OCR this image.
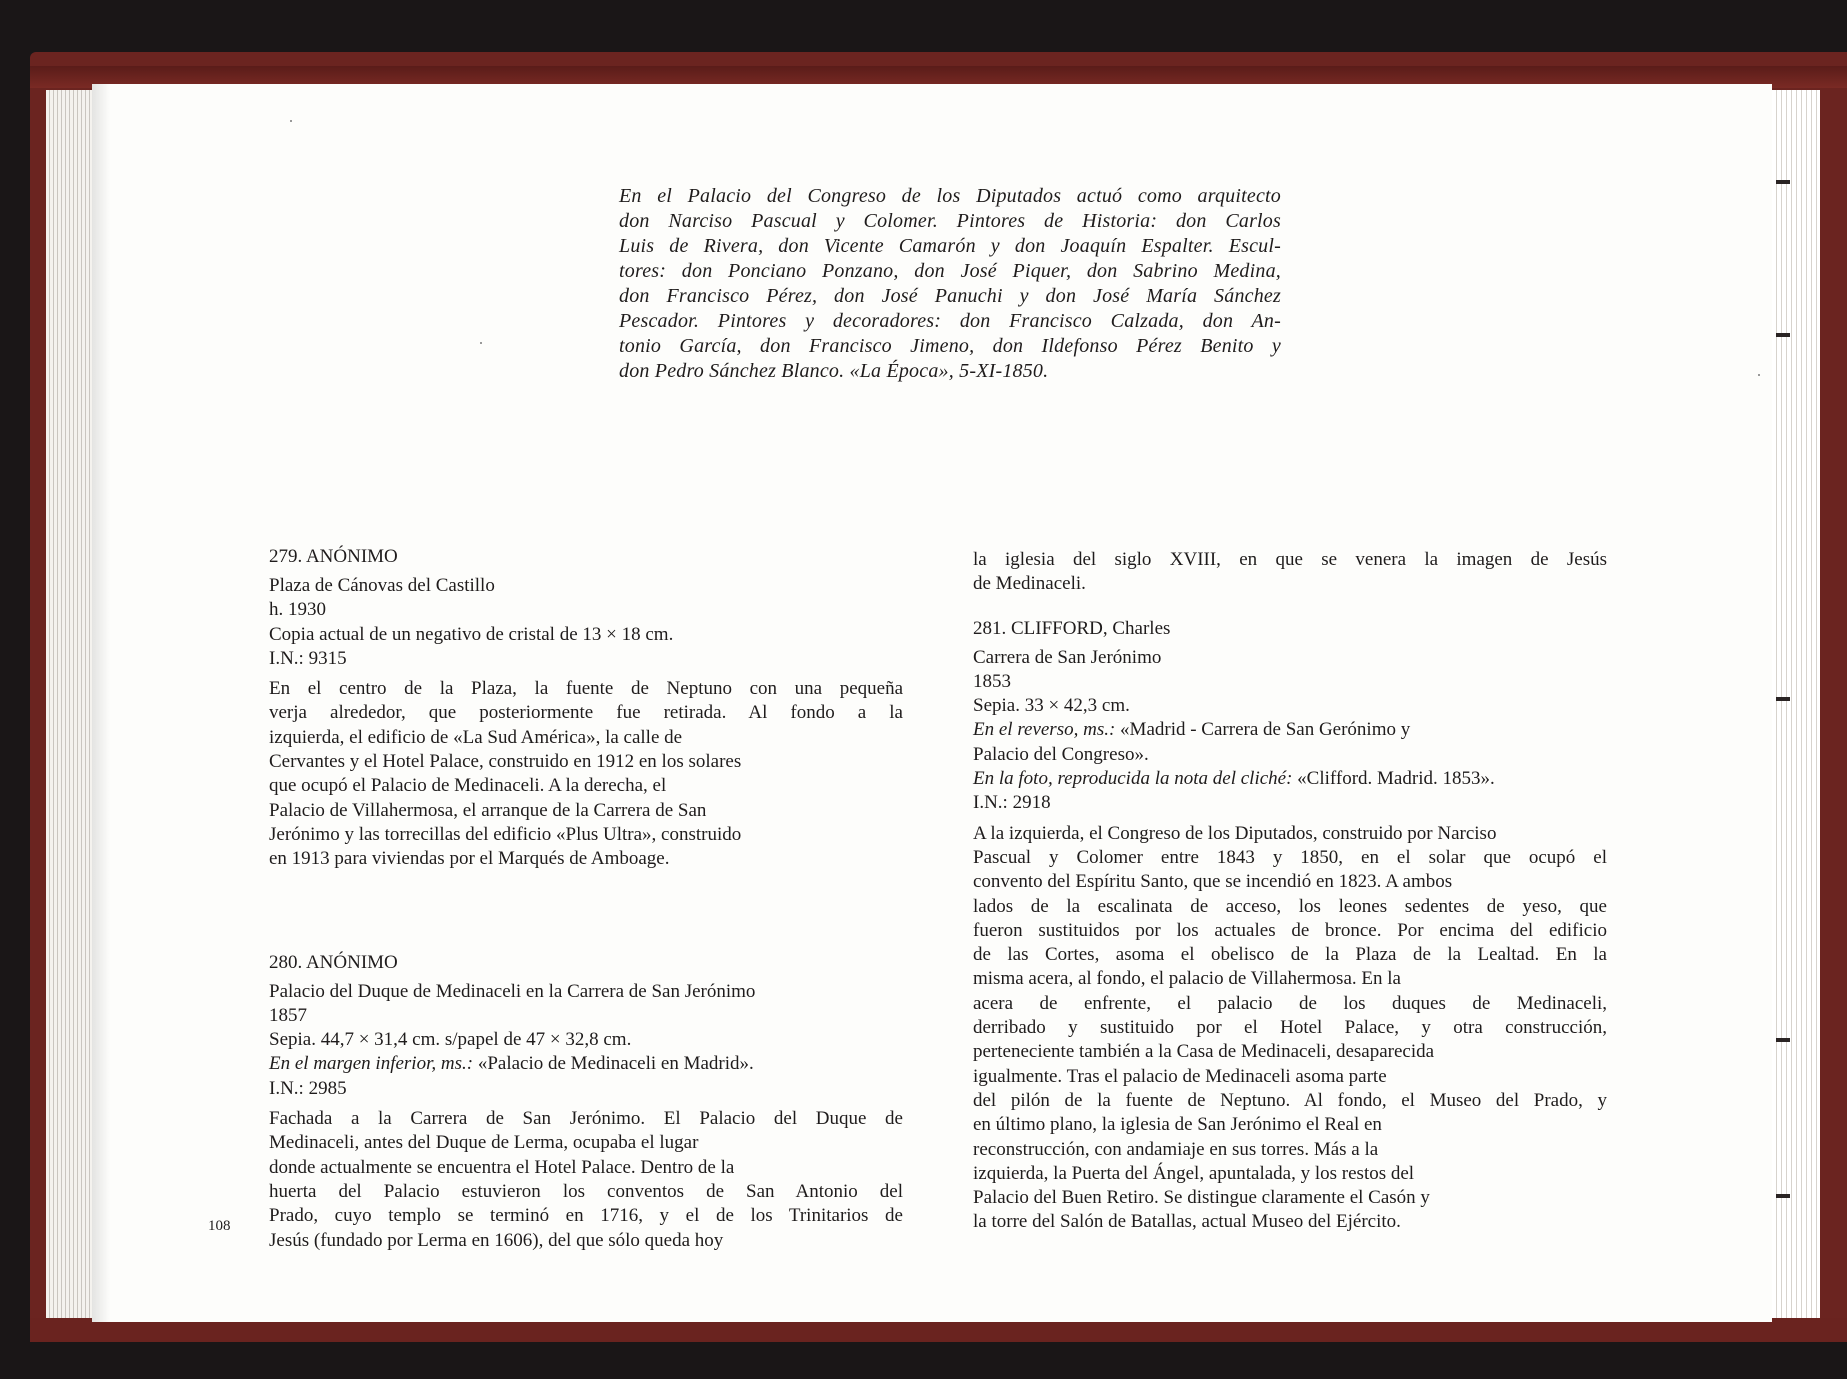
En el Palacio del Congreso de los Diputados actuó como arquitecto
don Narciso Pascual y Colomer. Pintores de Historia: don Carlos
Luis de Rivera, don Vicente Camarón y don Joaquín Espalter. Escul-
tores: don Ponciano Ponzano, don José Piquer, don Sabrino Medina,
don Francisco Pérez, don José Panuchi y don José María Sánchez
Pescador. Pintores y decoradores: don Francisco Calzada, don An-
tonio García, don Francisco Jimeno, don Ildefonso Pérez Benito y
don Pedro Sánchez Blanco. «La Época», 5-XI-1850.
279. ANÓNIMO
Plaza de Cánovas del Castillo
h. 1930
Copia actual de un negativo de cristal de 13 × 18 cm.
I.N.: 9315
En el centro de la Plaza, la fuente de Neptuno con una pequeña
verja alrededor, que posteriormente fue retirada. Al fondo a la
izquierda, el edificio de «La Sud América», la calle de
Cervantes y el Hotel Palace, construido en 1912 en los solares
que ocupó el Palacio de Medinaceli. A la derecha, el
Palacio de Villahermosa, el arranque de la Carrera de San
Jerónimo y las torrecillas del edificio «Plus Ultra», construido
en 1913 para viviendas por el Marqués de Amboage.
280. ANÓNIMO
Palacio del Duque de Medinaceli en la Carrera de San Jerónimo
1857
Sepia. 44,7 × 31,4 cm. s/papel de 47 × 32,8 cm.
En el margen inferior, ms.: «Palacio de Medinaceli en Madrid».
I.N.: 2985
Fachada a la Carrera de San Jerónimo. El Palacio del Duque de
Medinaceli, antes del Duque de Lerma, ocupaba el lugar
donde actualmente se encuentra el Hotel Palace. Dentro de la
huerta del Palacio estuvieron los conventos de San Antonio del
Prado, cuyo templo se terminó en 1716, y el de los Trinitarios de
Jesús (fundado por Lerma en 1606), del que sólo queda hoy
108
la iglesia del siglo XVIII, en que se venera la imagen de Jesús
de Medinaceli.
281. CLIFFORD, Charles
Carrera de San Jerónimo
1853
Sepia. 33 × 42,3 cm.
En el reverso, ms.: «Madrid - Carrera de San Gerónimo y
Palacio del Congreso».
En la foto, reproducida la nota del cliché: «Clifford. Madrid. 1853».
I.N.: 2918
A la izquierda, el Congreso de los Diputados, construido por Narciso
Pascual y Colomer entre 1843 y 1850, en el solar que ocupó el
convento del Espíritu Santo, que se incendió en 1823. A ambos
lados de la escalinata de acceso, los leones sedentes de yeso, que
fueron sustituidos por los actuales de bronce. Por encima del edificio
de las Cortes, asoma el obelisco de la Plaza de la Lealtad. En la
misma acera, al fondo, el palacio de Villahermosa. En la
acera de enfrente, el palacio de los duques de Medinaceli,
derribado y sustituido por el Hotel Palace, y otra construcción,
perteneciente también a la Casa de Medinaceli, desaparecida
igualmente. Tras el palacio de Medinaceli asoma parte
del pilón de la fuente de Neptuno. Al fondo, el Museo del Prado, y
en último plano, la iglesia de San Jerónimo el Real en
reconstrucción, con andamiaje en sus torres. Más a la
izquierda, la Puerta del Ángel, apuntalada, y los restos del
Palacio del Buen Retiro. Se distingue claramente el Casón y
la torre del Salón de Batallas, actual Museo del Ejército.
